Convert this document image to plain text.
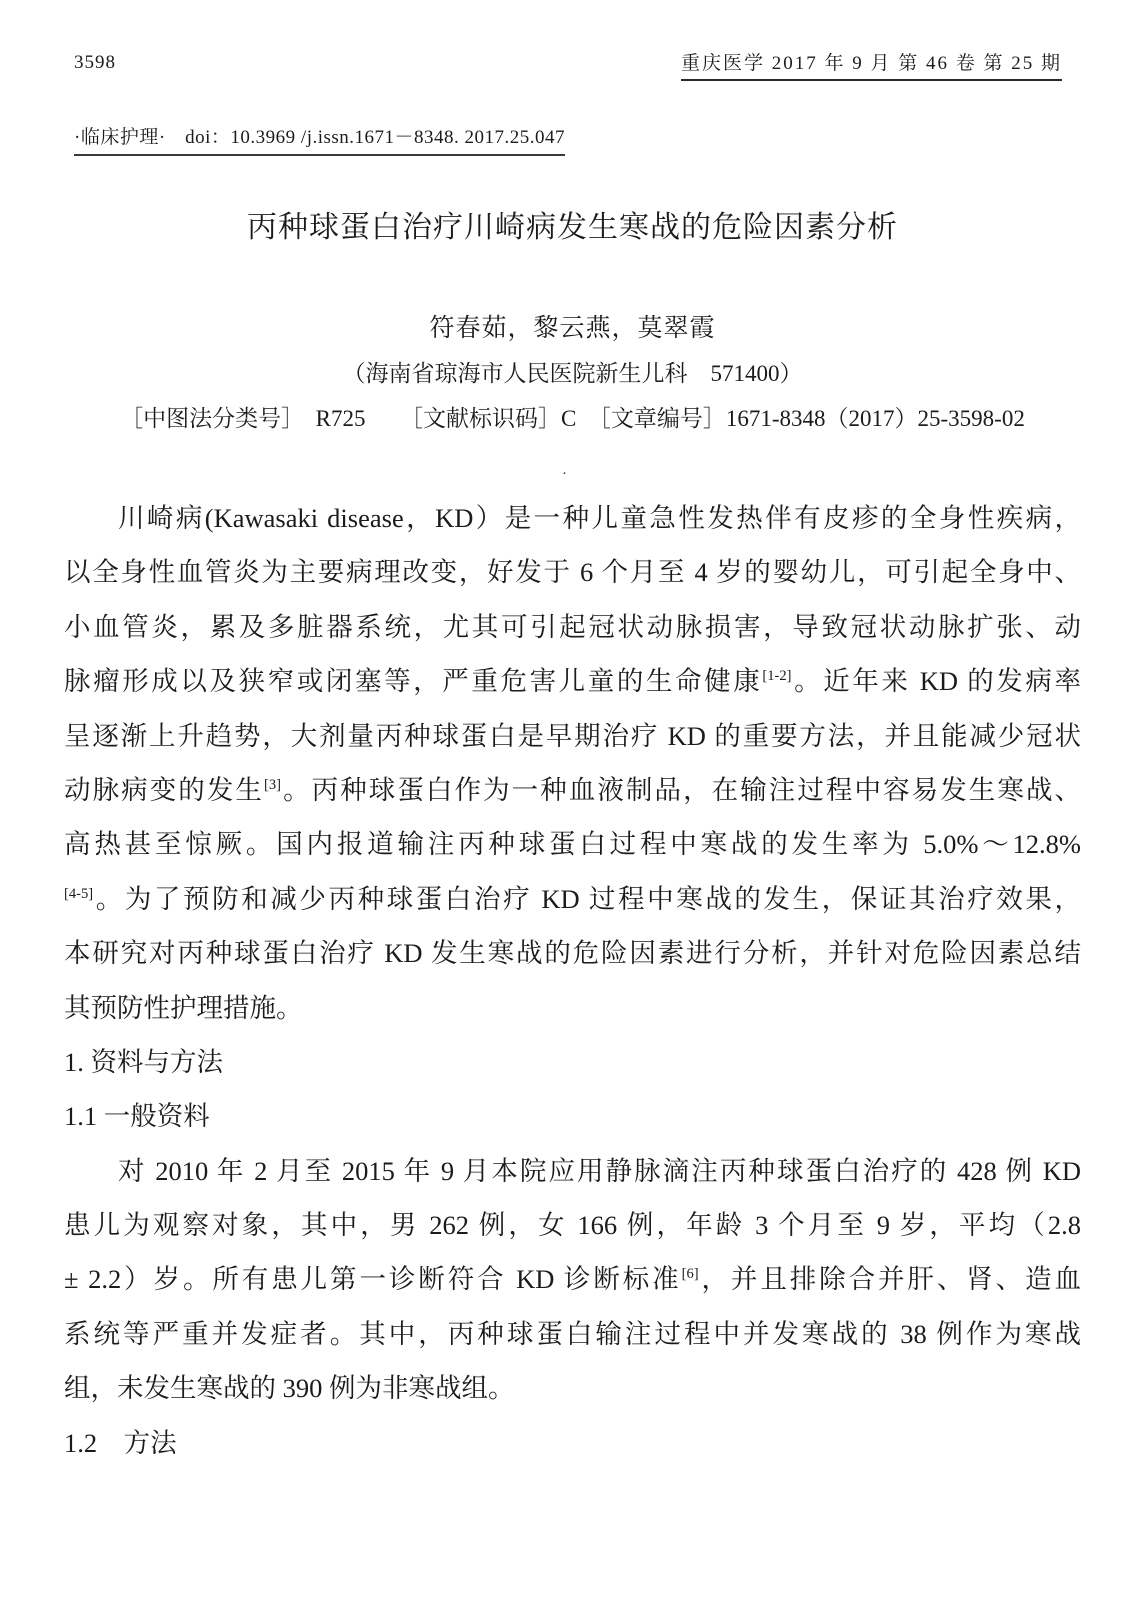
3598	重庆医学 2017 年 9 月 第 46 卷 第 25 期
·临床护理·　doi：10.3969 /j.issn.1671－8348. 2017.25.047
丙种球蛋白治疗川崎病发生寒战的危险因素分析
符春茹，黎云燕，莫翠霞
（海南省琼海市人民医院新生儿科　571400）
［中图法分类号］　R725　　［文献标识码］C　［文章编号］1671-8348（2017）25-3598-02
·
川崎病(Kawasaki disease，KD）是一种儿童急性发热伴有皮疹的全身性疾病，
以全身性血管炎为主要病理改变，好发于 6 个月至 4 岁的婴幼儿，可引起全身中、
小血管炎，累及多脏器系统，尤其可引起冠状动脉损害，导致冠状动脉扩张、动
脉瘤形成以及狭窄或闭塞等，严重危害儿童的生命健康[1-2]。近年来 KD 的发病率
呈逐渐上升趋势，大剂量丙种球蛋白是早期治疗 KD 的重要方法，并且能减少冠状
动脉病变的发生[3]。丙种球蛋白作为一种血液制品，在输注过程中容易发生寒战、
高热甚至惊厥。国内报道输注丙种球蛋白过程中寒战的发生率为 5.0%～12.8%
[4-5]。为了预防和减少丙种球蛋白治疗 KD 过程中寒战的发生，保证其治疗效果，
本研究对丙种球蛋白治疗 KD 发生寒战的危险因素进行分析，并针对危险因素总结
其预防性护理措施。
1. 资料与方法
1.1 一般资料
对 2010 年 2 月至 2015 年 9 月本院应用静脉滴注丙种球蛋白治疗的 428 例 KD
患儿为观察对象，其中，男 262 例，女 166 例，年龄 3 个月至 9 岁，平均（2.8
± 2.2）岁。所有患儿第一诊断符合 KD 诊断标准[6]，并且排除合并肝、肾、造血
系统等严重并发症者。其中，丙种球蛋白输注过程中并发寒战的 38 例作为寒战
组，未发生寒战的 390 例为非寒战组。
1.2　方法
